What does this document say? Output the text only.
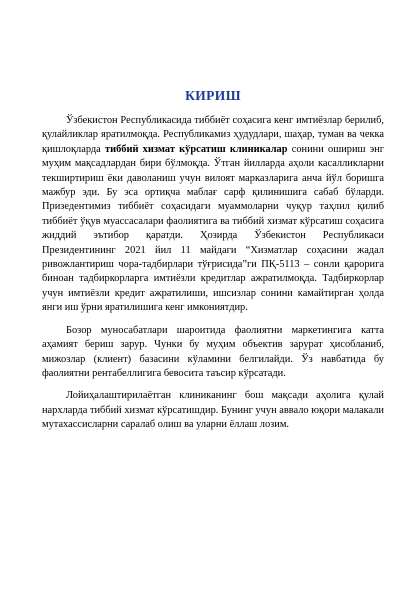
КИРИШ

Ўзбекистон Республикасида тиббиёт соҳасига кенг имтиёзлар берилиб, қулайликлар яратилмоқда. Республикамиз ҳудудлари, шаҳар, туман ва чекка қишлоқларда тиббий хизмат кўрсатиш клиникалар сонини ошириш энг муҳим мақсадлардан бири бўлмоқда. Ўтган йилларда аҳоли касалликларни текширтириш ёки даволаниш учун вилоят марказларига анча йўл боришга мажбур эди. Бу эса ортиқча маблағ сарф қилинишига сабаб бўларди. Призедентимиз тиббиёт соҳасидаги муаммоларни чуқур таҳлил қилиб тиббиёт ўқув муассасалари фаолиятига ва тиббий хизмат кўрсатиш соҳасига жиддий эътибор қаратди. Ҳозирда Ўзбекистон Республикаси Президентининг 2021 йил 11 майдаги “Хизматлар соҳасини жадал ривожлантириш чора-тадбирлари тўғрисида”ги ПҚ-5113 – сонли қарорига биноан тадбиркорларга имтиёзли кредитлар ажратилмоқда. Тадбиркорлар учун имтиёзли кредит ажратилиши, ишсизлар сонини камайтирган ҳолда янги иш ўрни яратилишига кенг имкониятдир.

Бозор муносабатлари шароитида фаолиятни маркетингига катта аҳамият бериш зарур. Чунки бу муҳим объектив зарурат ҳисобланиб, мижозлар (клиент) базасини кўламини белгилайди. Ўз навбатида бу фаолиятни рентабеллигига бевосита таъсир кўрсатади.

Лойиҳалаштирилаётган клиниканинг бош мақсади аҳолига қулай нархларда тиббий хизмат кўрсатишдир. Бунинг учун аввало юқори малакали мутахассисларни саралаб олиш ва уларни ёллаш лозим.
